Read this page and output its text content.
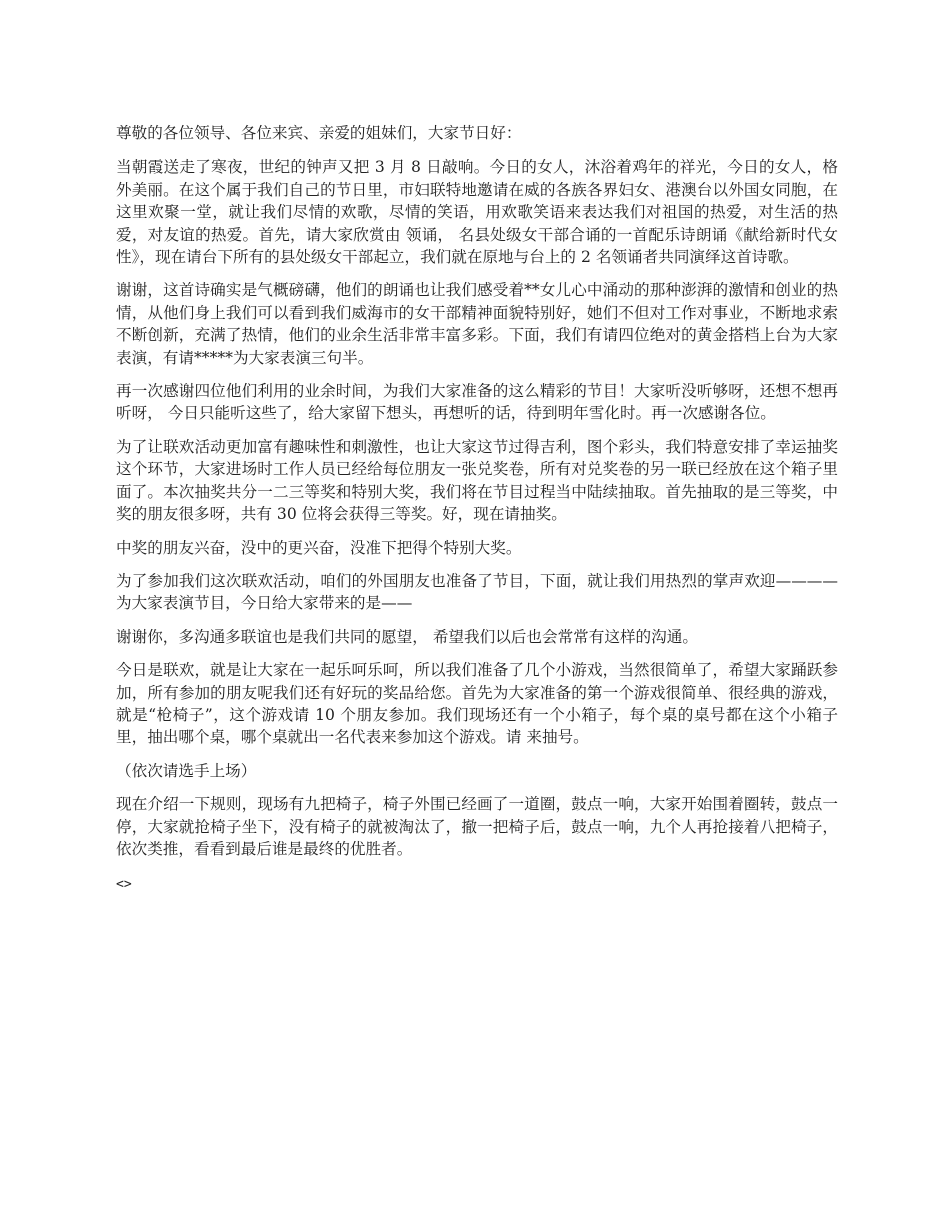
尊敬的各位领导、各位来宾、亲爱的姐妹们，大家节日好：

当朝霞送走了寒夜，世纪的钟声又把 3 月 8 日敲响。今日的女人，沐浴着鸡年的祥光，今日的女人，格外美丽。在这个属于我们自己的节日里，市妇联特地邀请在威的各族各界妇女、港澳台以外国女同胞，在这里欢聚一堂，就让我们尽情的欢歌，尽情的笑语，用欢歌笑语来表达我们对祖国的热爱，对生活的热爱，对友谊的热爱。首先，请大家欣赏由 领诵， 名县处级女干部合诵的一首配乐诗朗诵《献给新时代女性》，现在请台下所有的县处级女干部起立，我们就在原地与台上的 2 名领诵者共同演绎这首诗歌。

谢谢，这首诗确实是气概磅礴，他们的朗诵也让我们感受着**女儿心中涌动的那种澎湃的激情和创业的热情，从他们身上我们可以看到我们威海市的女干部精神面貌特别好，她们不但对工作对事业，不断地求索不断创新，充满了热情，他们的业余生活非常丰富多彩。下面，我们有请四位绝对的黄金搭档上台为大家表演，有请*****为大家表演三句半。

再一次感谢四位他们利用的业余时间，为我们大家准备的这么精彩的节目！大家听没听够呀，还想不想再听呀， 今日只能听这些了，给大家留下想头，再想听的话，待到明年雪化时。再一次感谢各位。

为了让联欢活动更加富有趣味性和刺激性，也让大家这节过得吉利，图个彩头，我们特意安排了幸运抽奖这个环节，大家进场时工作人员已经给每位朋友一张兑奖卷，所有对兑奖卷的另一联已经放在这个箱子里面了。本次抽奖共分一二三等奖和特别大奖，我们将在节目过程当中陆续抽取。首先抽取的是三等奖，中奖的朋友很多呀，共有 30 位将会获得三等奖。好，现在请抽奖。

中奖的朋友兴奋，没中的更兴奋，没准下把得个特别大奖。

为了参加我们这次联欢活动，咱们的外国朋友也准备了节目，下面，就让我们用热烈的掌声欢迎————为大家表演节目，今日给大家带来的是——

谢谢你，多沟通多联谊也是我们共同的愿望， 希望我们以后也会常常有这样的沟通。

今日是联欢，就是让大家在一起乐呵乐呵，所以我们准备了几个小游戏，当然很简单了，希望大家踊跃参加，所有参加的朋友呢我们还有好玩的奖品给您。首先为大家准备的第一个游戏很简单、很经典的游戏，就是“枪椅子”，这个游戏请 10 个朋友参加。我们现场还有一个小箱子，每个桌的桌号都在这个小箱子里，抽出哪个桌，哪个桌就出一名代表来参加这个游戏。请 来抽号。

（依次请选手上场）

现在介绍一下规则，现场有九把椅子，椅子外围已经画了一道圈，鼓点一响，大家开始围着圈转，鼓点一停，大家就抢椅子坐下，没有椅子的就被淘汰了，撤一把椅子后，鼓点一响，九个人再抢接着八把椅子，依次类推，看看到最后谁是最终的优胜者。

<>
